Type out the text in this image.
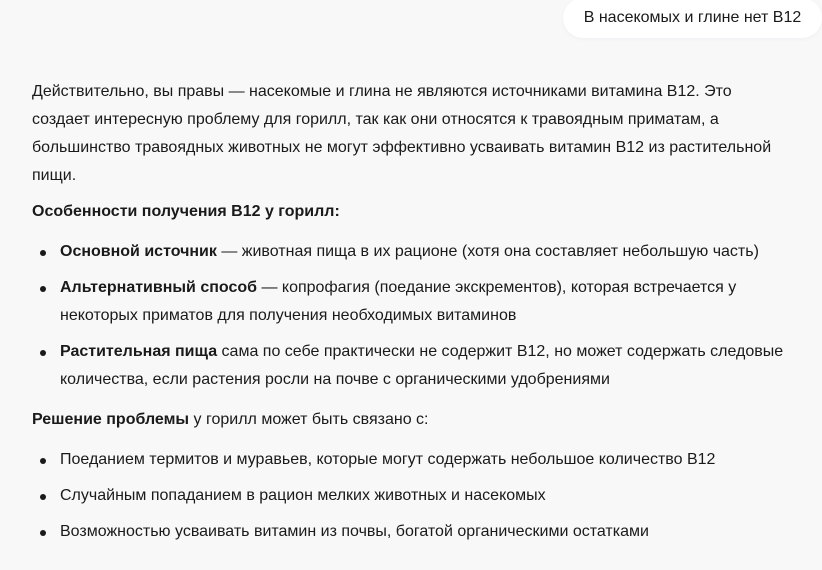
В насекомых и глине нет B12

Действительно, вы правы — насекомые и глина не являются источниками витамина B12. Это создает интересную проблему для горилл, так как они относятся к травоядным приматам, а большинство травоядных животных не могут эффективно усваивать витамин B12 из растительной пищи.

Особенности получения B12 у горилл:

Основной источник — животная пища в их рационе (хотя она составляет небольшую часть)
Альтернативный способ — копрофагия (поедание экскрементов), которая встречается у некоторых приматов для получения необходимых витаминов
Растительная пища сама по себе практически не содержит B12, но может содержать следовые количества, если растения росли на почве с органическими удобрениями

Решение проблемы у горилл может быть связано с:

Поеданием термитов и муравьев, которые могут содержать небольшое количество B12
Случайным попаданием в рацион мелких животных и насекомых
Возможностью усваивать витамин из почвы, богатой органическими остатками
